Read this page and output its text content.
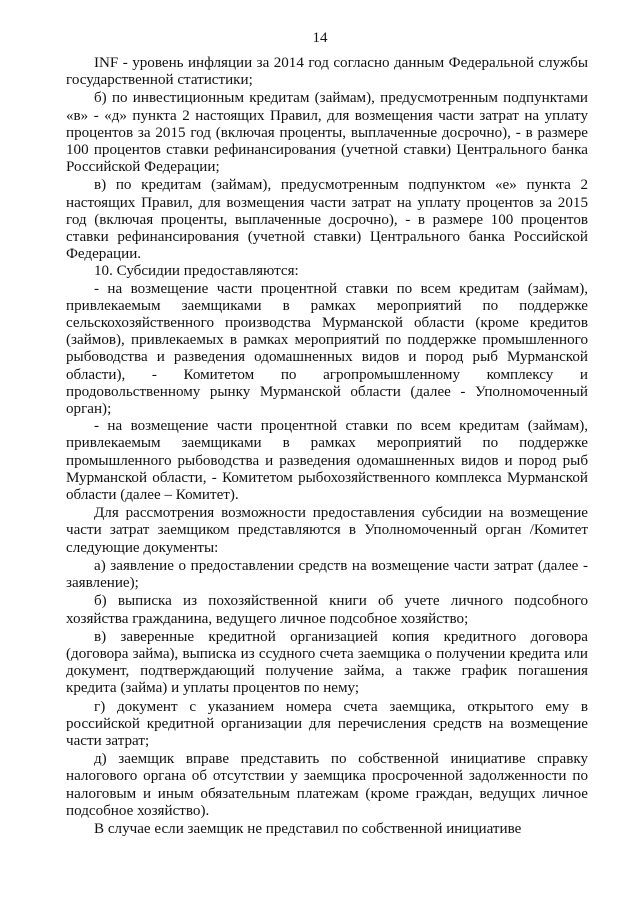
14

INF - уровень инфляции за 2014 год согласно данным Федеральной службы государственной статистики;

б) по инвестиционным кредитам (займам), предусмотренным подпунктами «в» - «д» пункта 2 настоящих Правил, для возмещения части затрат на уплату процентов за 2015 год (включая проценты, выплаченные досрочно), - в размере 100 процентов ставки рефинансирования (учетной ставки) Центрального банка Российской Федерации;

в) по кредитам (займам), предусмотренным подпунктом «е» пункта 2 настоящих Правил, для возмещения части затрат на уплату процентов за 2015 год (включая проценты, выплаченные досрочно), - в размере 100 процентов ставки рефинансирования (учетной ставки) Центрального банка Российской Федерации.

10. Субсидии предоставляются:

- на возмещение части процентной ставки по всем кредитам (займам), привлекаемым заемщиками в рамках мероприятий по поддержке сельскохозяйственного производства Мурманской области (кроме кредитов (займов), привлекаемых в рамках мероприятий по поддержке промышленного рыбоводства и разведения одомашненных видов и пород рыб Мурманской области), - Комитетом по агропромышленному комплексу и продовольственному рынку Мурманской области (далее - Уполномоченный орган);

- на возмещение части процентной ставки по всем кредитам (займам), привлекаемым заемщиками в рамках мероприятий по поддержке промышленного рыбоводства и разведения одомашненных видов и пород рыб Мурманской области, - Комитетом рыбохозяйственного комплекса Мурманской области (далее – Комитет).

Для рассмотрения возможности предоставления субсидии на возмещение части затрат заемщиком представляются в Уполномоченный орган /Комитет следующие документы:

а) заявление о предоставлении средств на возмещение части затрат (далее - заявление);

б) выписка из похозяйственной книги об учете личного подсобного хозяйства гражданина, ведущего личное подсобное хозяйство;

в) заверенные кредитной организацией копия кредитного договора (договора займа), выписка из ссудного счета заемщика о получении кредита или документ, подтверждающий получение займа, а также график погашения кредита (займа) и уплаты процентов по нему;

г) документ с указанием номера счета заемщика, открытого ему в российской кредитной организации для перечисления средств на возмещение части затрат;

д) заемщик вправе представить по собственной инициативе справку налогового органа об отсутствии у заемщика просроченной задолженности по налоговым и иным обязательным платежам (кроме граждан, ведущих личное подсобное хозяйство).

В случае если заемщик не представил по собственной инициативе
